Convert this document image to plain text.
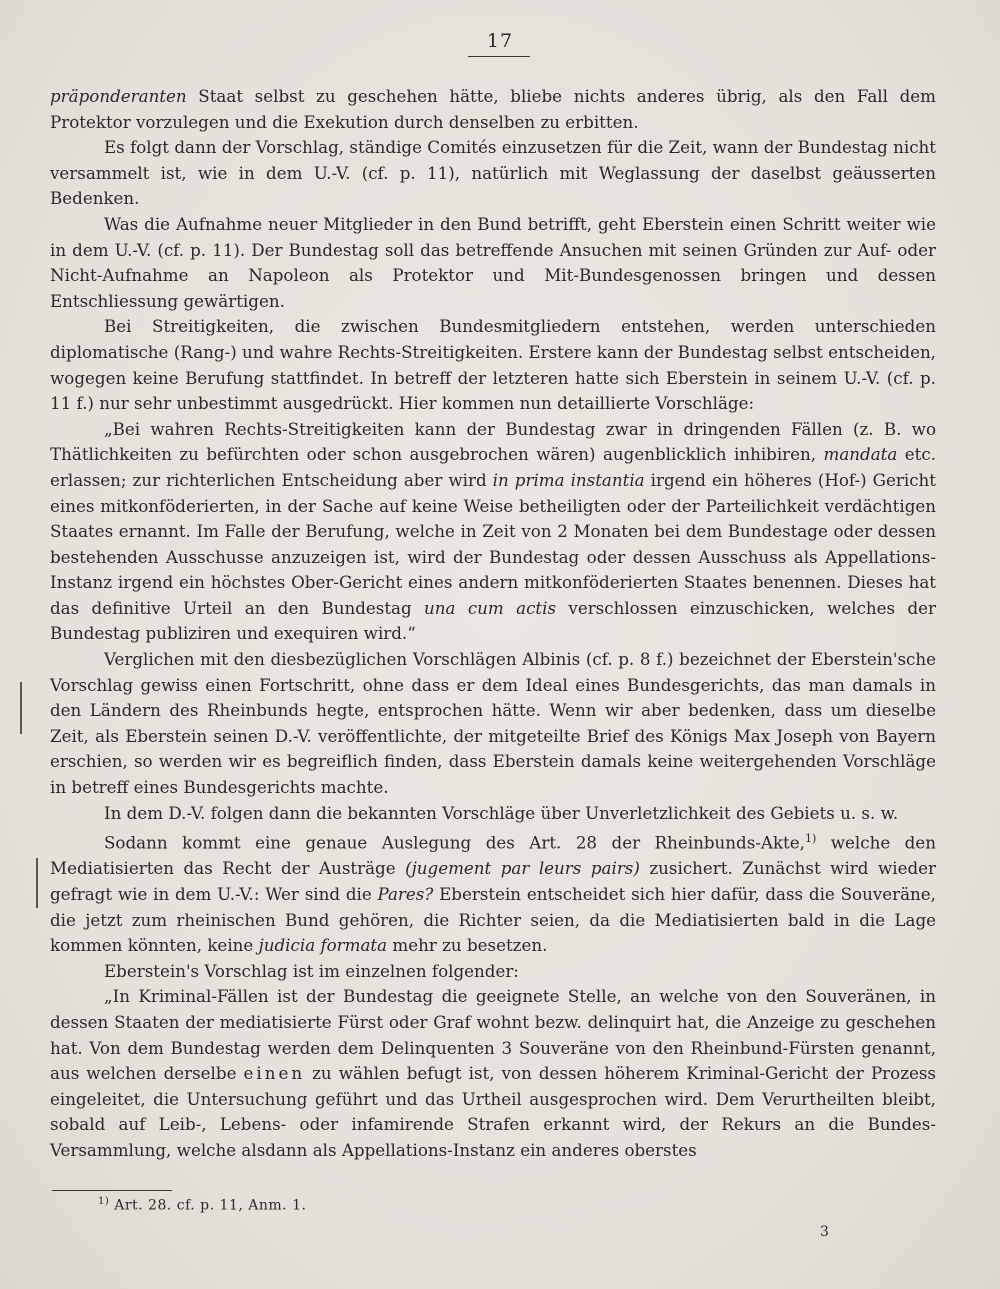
17

präponderanten Staat selbst zu geschehen hätte, bliebe nichts anderes übrig, als den Fall dem Protektor vorzulegen und die Exekution durch denselben zu erbitten.

Es folgt dann der Vorschlag, ständige Comités einzusetzen für die Zeit, wann der Bundestag nicht versammelt ist, wie in dem U.-V. (cf. p. 11), natürlich mit Weglassung der daselbst geäusserten Bedenken.

Was die Aufnahme neuer Mitglieder in den Bund betrifft, geht Eberstein einen Schritt weiter wie in dem U.-V. (cf. p. 11). Der Bundestag soll das betreffende Ansuchen mit seinen Gründen zur Auf- oder Nicht-Aufnahme an Napoleon als Protektor und Mit-Bundesgenossen bringen und dessen Entschliessung gewärtigen.

Bei Streitigkeiten, die zwischen Bundesmitgliedern entstehen, werden unterschieden diplomatische (Rang-) und wahre Rechts-Streitigkeiten. Erstere kann der Bundestag selbst entscheiden, wogegen keine Berufung stattfindet. In betreff der letzteren hatte sich Eberstein in seinem U.-V. (cf. p. 11 f.) nur sehr unbestimmt ausgedrückt. Hier kommen nun detaillierte Vorschläge:

„Bei wahren Rechts-Streitigkeiten kann der Bundestag zwar in dringenden Fällen (z. B. wo Thätlichkeiten zu befürchten oder schon ausgebrochen wären) augenblicklich inhibiren, mandata etc. erlassen; zur richterlichen Entscheidung aber wird in prima instantia irgend ein höheres (Hof-) Gericht eines mitkonföderierten, in der Sache auf keine Weise betheiligten oder der Parteilichkeit verdächtigen Staates ernannt. Im Falle der Berufung, welche in Zeit von 2 Monaten bei dem Bundestage oder dessen bestehenden Ausschusse anzuzeigen ist, wird der Bundestag oder dessen Ausschuss als Appellations-Instanz irgend ein höchstes Ober-Gericht eines andern mitkonföderierten Staates benennen. Dieses hat das definitive Urteil an den Bundestag una cum actis verschlossen einzuschicken, welches der Bundestag publiziren und exequiren wird.“

Verglichen mit den diesbezüglichen Vorschlägen Albinis (cf. p. 8 f.) bezeichnet der Eberstein'sche Vorschlag gewiss einen Fortschritt, ohne dass er dem Ideal eines Bundesgerichts, das man damals in den Ländern des Rheinbunds hegte, entsprochen hätte. Wenn wir aber bedenken, dass um dieselbe Zeit, als Eberstein seinen D.-V. veröffentlichte, der mitgeteilte Brief des Königs Max Joseph von Bayern erschien, so werden wir es begreiflich finden, dass Eberstein damals keine weitergehenden Vorschläge in betreff eines Bundesgerichts machte.

In dem D.-V. folgen dann die bekannten Vorschläge über Unverletzlichkeit des Gebiets u. s. w.

Sodann kommt eine genaue Auslegung des Art. 28 der Rheinbunds-Akte,$^{1)}$ welche den Mediatisierten das Recht der Austräge (jugement par leurs pairs) zusichert. Zunächst wird wieder gefragt wie in dem U.-V.: Wer sind die Pares? Eberstein entscheidet sich hier dafür, dass die Souveräne, die jetzt zum rheinischen Bund gehören, die Richter seien, da die Mediatisierten bald in die Lage kommen könnten, keine judicia formata mehr zu besetzen.

Eberstein's Vorschlag ist im einzelnen folgender:

„In Kriminal-Fällen ist der Bundestag die geeignete Stelle, an welche von den Souveränen, in dessen Staaten der mediatisierte Fürst oder Graf wohnt bezw. delinquirt hat, die Anzeige zu geschehen hat. Von dem Bundestag werden dem Delinquenten 3 Souveräne von den Rheinbund-Fürsten genannt, aus welchen derselbe einen zu wählen befugt ist, von dessen höherem Kriminal-Gericht der Prozess eingeleitet, die Untersuchung geführt und das Urtheil ausgesprochen wird. Dem Verurtheilten bleibt, sobald auf Leib-, Lebens- oder infamirende Strafen erkannt wird, der Rekurs an die Bundes-Versammlung, welche alsdann als Appellations-Instanz ein anderes oberstes

$^{1)}$ Art. 28. cf. p. 11, Anm. 1.
3
